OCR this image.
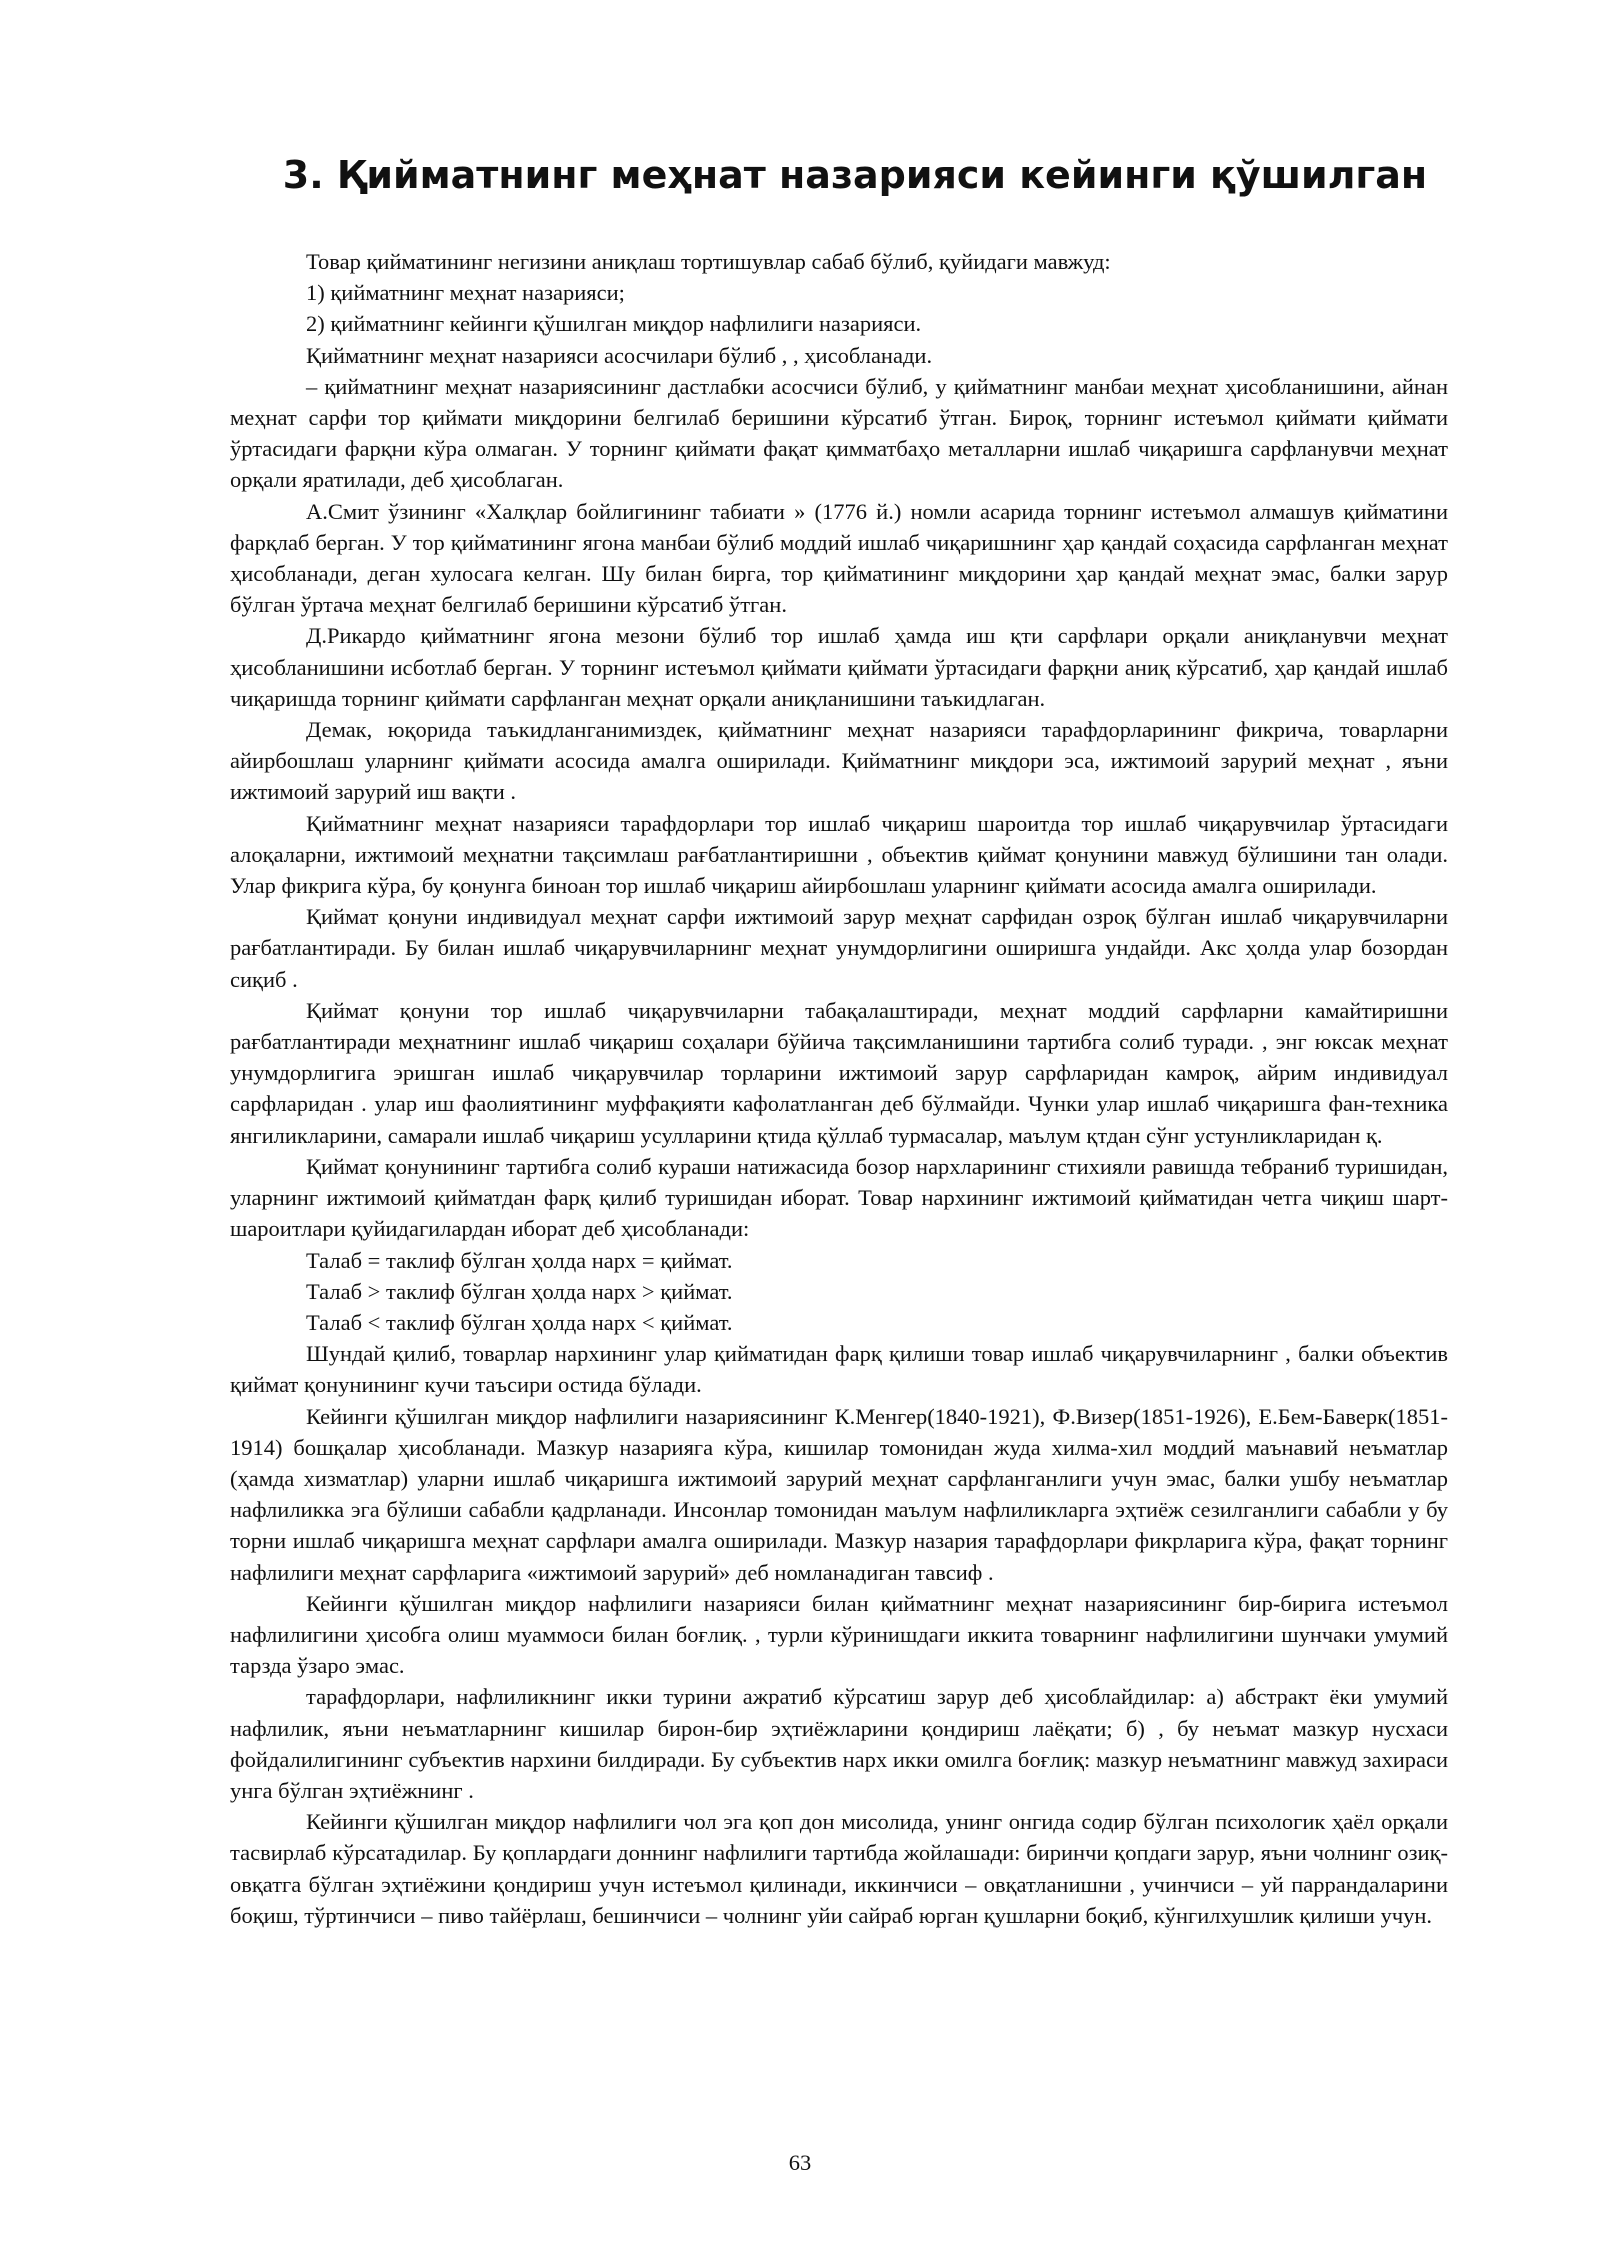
3. Қийматнинг меҳнат назарияси кейинги қўшилган

Товар қийматининг негизини аниқлаш тортишувлар сабаб бўлиб, қуйидаги мавжуд:

1) қийматнинг меҳнат назарияси;

2) қийматнинг кейинги қўшилган миқдор нафлилиги назарияси.

Қийматнинг меҳнат назарияси асосчилари бўлиб , , ҳисобланади.

– қийматнинг меҳнат назариясининг дастлабки асосчиси бўлиб, у қийматнинг манбаи меҳнат ҳисобланишини, айнан меҳнат сарфи тор қиймати миқдорини белгилаб беришини кўрсатиб ўтган. Бироқ, торнинг истеъмол қиймати қиймати ўртасидаги фарқни кўра олмаган. У торнинг қиймати фақат қимматбаҳо металларни ишлаб чиқаришга сарфланувчи меҳнат орқали яратилади, деб ҳисоблаган.

А.Смит ўзининг «Халқлар бойлигининг табиати » (1776 й.) номли асарида торнинг истеъмол алмашув қийматини фарқлаб берган. У тор қийматининг ягона манбаи бўлиб моддий ишлаб чиқаришнинг ҳар қандай соҳасида сарфланган меҳнат ҳисобланади, деган хулосага келган. Шу билан бирга, тор қийматининг миқдорини ҳар қандай меҳнат эмас, балки зарур бўлган ўртача меҳнат белгилаб беришини кўрсатиб ўтган.

Д.Рикардо қийматнинг ягона мезони бўлиб тор ишлаб ҳамда иш қти сарфлари орқали аниқланувчи меҳнат ҳисобланишини исботлаб берган. У торнинг истеъмол қиймати қиймати ўртасидаги фарқни аниқ кўрсатиб, ҳар қандай ишлаб чиқаришда торнинг қиймати сарфланган меҳнат орқали аниқланишини таъкидлаган.

Демак, юқорида таъкидланганимиздек, қийматнинг меҳнат назарияси тарафдорларининг фикрича, товарларни айирбошлаш уларнинг қиймати асосида амалга оширилади. Қийматнинг миқдори эса, ижтимоий зарурий меҳнат , яъни ижтимоий зарурий иш вақти .

Қийматнинг меҳнат назарияси тарафдорлари тор ишлаб чиқариш шароитда тор ишлаб чиқарувчилар ўртасидаги алоқаларни, ижтимоий меҳнатни тақсимлаш рағбатлантиришни , объектив қиймат қонунини мавжуд бўлишини тан олади. Улар фикрига кўра, бу қонунга биноан тор ишлаб чиқариш айирбошлаш уларнинг қиймати асосида амалга оширилади.

Қиймат қонуни индивидуал меҳнат сарфи ижтимоий зарур меҳнат сарфидан озроқ бўлган ишлаб чиқарувчиларни рағбатлантиради. Бу билан ишлаб чиқарувчиларнинг меҳнат унумдорлигини оширишга ундайди. Акс ҳолда улар бозордан сиқиб .

Қиймат қонуни тор ишлаб чиқарувчиларни табақалаштиради, меҳнат моддий сарфларни камайтиришни рағбатлантиради меҳнатнинг ишлаб чиқариш соҳалари бўйича тақсимланишини тартибга солиб туради. , энг юксак меҳнат унумдорлигига эришган ишлаб чиқарувчилар торларини ижтимоий зарур сарфларидан камроқ, айрим индивидуал сарфларидан . улар иш фаолиятининг муффақияти кафолатланган деб бўлмайди. Чунки улар ишлаб чиқаришга фан-техника янгиликларини, самарали ишлаб чиқариш усулларини қтида қўллаб турмасалар, маълум қтдан сўнг устунликларидан қ.

Қиймат қонунининг тартибга солиб кураши натижасида бозор нархларининг стихияли равишда тебраниб туришидан, уларнинг ижтимоий қийматдан фарқ қилиб туришидан иборат. Товар нархининг ижтимоий қийматидан четга чиқиш шарт-шароитлари қуйидагилардан иборат деб ҳисобланади:

Талаб = таклиф бўлган ҳолда нарх = қиймат.

Талаб > таклиф бўлган ҳолда нарх > қиймат.

Талаб < таклиф бўлган ҳолда нарх < қиймат.

Шундай қилиб, товарлар нархининг улар қийматидан фарқ қилиши товар ишлаб чиқарувчиларнинг , балки объектив қиймат қонунининг кучи таъсири остида бўлади.

Кейинги қўшилган миқдор нафлилиги назариясининг К.Менгер(1840-1921), Ф.Визер(1851-1926), Е.Бем-Баверк(1851-1914) бошқалар ҳисобланади. Мазкур назарияга кўра, кишилар томонидан жуда хилма-хил моддий маънавий неъматлар (ҳамда хизматлар) уларни ишлаб чиқаришга ижтимоий зарурий меҳнат сарфланганлиги учун эмас, балки ушбу неъматлар нафлиликка эга бўлиши сабабли қадрланади. Инсонлар томонидан маълум нафлиликларга эҳтиёж сезилганлиги сабабли у бу торни ишлаб чиқаришга меҳнат сарфлари амалга оширилади. Мазкур назария тарафдорлари фикрларига кўра, фақат торнинг нафлилиги меҳнат сарфларига «ижтимоий зарурий» деб номланадиган тавсиф .

Кейинги қўшилган миқдор нафлилиги назарияси билан қийматнинг меҳнат назариясининг бир-бирига истеъмол нафлилигини ҳисобга олиш муаммоси билан боғлиқ. , турли кўринишдаги иккита товарнинг нафлилигини шунчаки умумий тарзда ўзаро эмас.

тарафдорлари, нафлиликнинг икки турини ажратиб кўрсатиш зарур деб ҳисоблайдилар: а) абстракт ёки умумий нафлилик, яъни неъматларнинг кишилар бирон-бир эҳтиёжларини қондириш лаёқати; б) , бу неъмат мазкур нусхаси фойдалилигининг субъектив нархини билдиради. Бу субъектив нарх икки омилга боғлиқ: мазкур неъматнинг мавжуд захираси унга бўлган эҳтиёжнинг .

Кейинги қўшилган миқдор нафлилиги чол эга қоп дон мисолида, унинг онгида содир бўлган психологик ҳаёл орқали тасвирлаб кўрсатадилар. Бу қоплардаги доннинг нафлилиги тартибда жойлашади: биринчи қопдаги зарур, яъни чолнинг озиқ-овқатга бўлган эҳтиёжини қондириш учун истеъмол қилинади, иккинчиси – овқатланишни , учинчиси – уй паррандаларини боқиш, тўртинчиси – пиво тайёрлаш, бешинчиси – чолнинг уйи сайраб юрган қушларни боқиб, кўнгилхушлик қилиши учун.

63
